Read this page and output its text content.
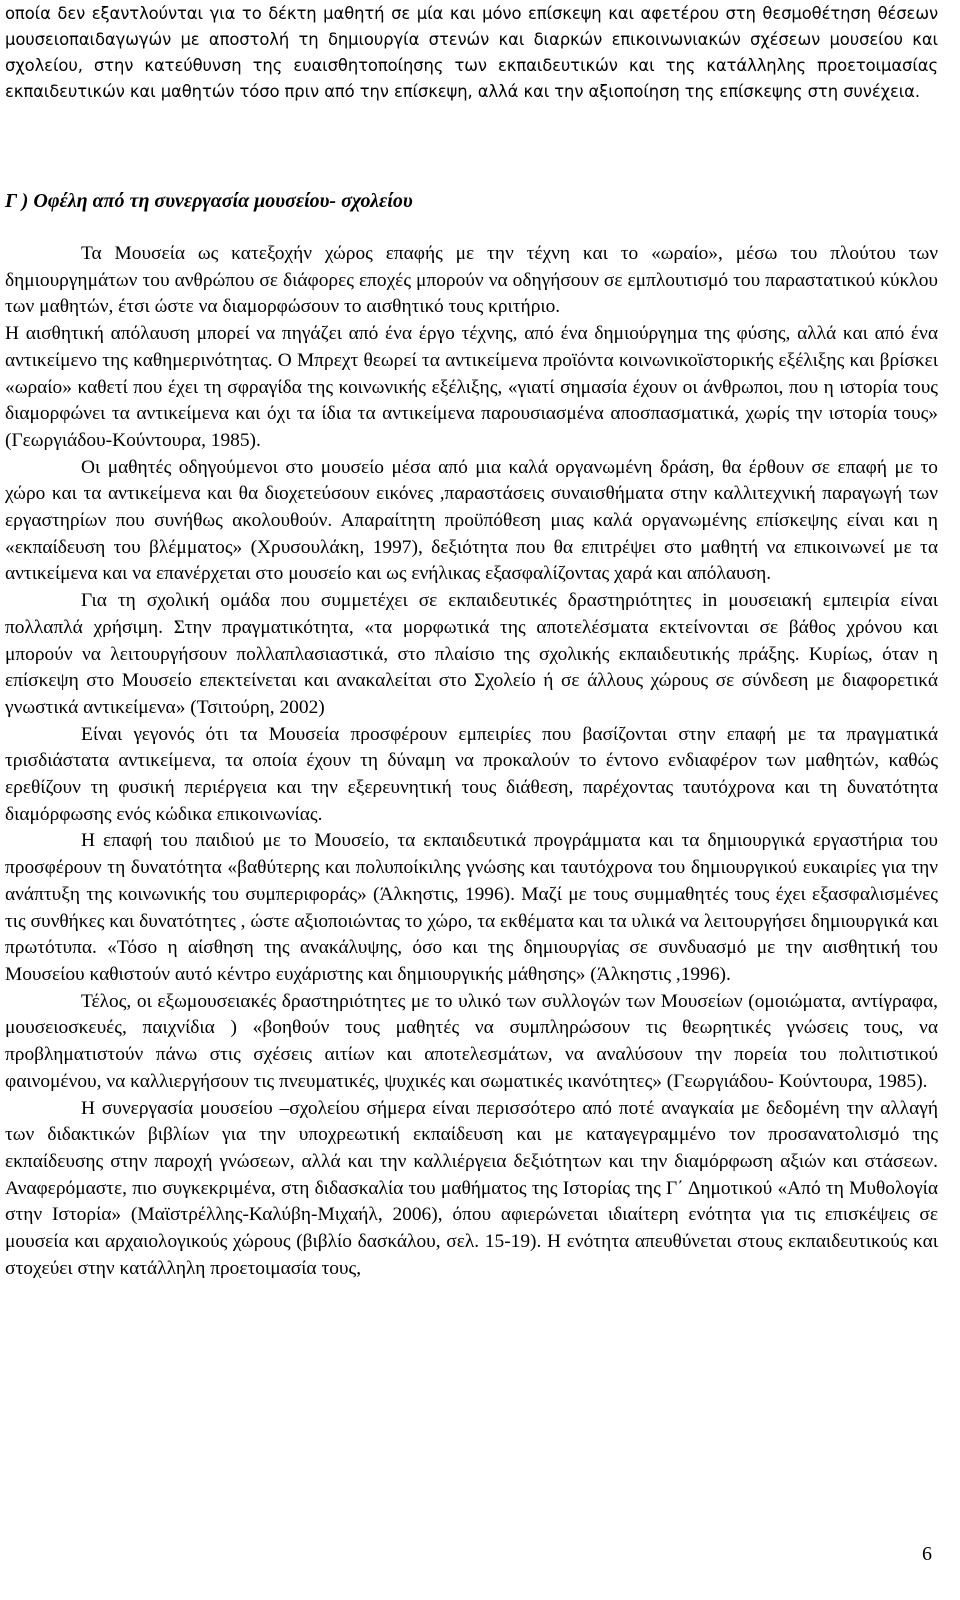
οποία δεν εξαντλούνται για το δέκτη μαθητή σε μία και μόνο επίσκεψη και αφετέρου στη θεσμοθέτηση θέσεων μουσειοπαιδαγωγών με αποστολή τη δημιουργία στενών και διαρκών επικοινωνιακών σχέσεων μουσείου και σχολείου, στην κατεύθυνση της ευαισθητοποίησης των εκπαιδευτικών και της κατάλληλης προετοιμασίας εκπαιδευτικών και μαθητών τόσο πριν από την επίσκεψη, αλλά και την αξιοποίηση της επίσκεψης στη συνέχεια.

Γ ) Οφέλη από τη συνεργασία μουσείου- σχολείου

Τα Μουσεία ως κατεξοχήν χώρος επαφής με την τέχνη και το «ωραίο», μέσω του πλούτου των δημιουργημάτων του ανθρώπου σε διάφορες εποχές μπορούν να οδηγήσουν σε εμπλουτισμό του παραστατικού κύκλου των μαθητών, έτσι ώστε να διαμορφώσουν το αισθητικό τους κριτήριο.

Η αισθητική απόλαυση μπορεί να πηγάζει από ένα έργο τέχνης, από ένα δημιούργημα της φύσης, αλλά και από ένα αντικείμενο της καθημερινότητας. Ο Μπρεχτ θεωρεί τα αντικείμενα προϊόντα κοινωνικοϊστορικής εξέλιξης και βρίσκει «ωραίο» καθετί που έχει τη σφραγίδα της κοινωνικής εξέλιξης, «γιατί σημασία έχουν οι άνθρωποι, που η ιστορία τους διαμορφώνει τα αντικείμενα και όχι τα ίδια τα αντικείμενα παρουσιασμένα αποσπασματικά, χωρίς την ιστορία τους» (Γεωργιάδου-Κούντουρα, 1985).

Οι μαθητές οδηγούμενοι στο μουσείο μέσα από μια καλά οργανωμένη δράση, θα έρθουν σε επαφή με το χώρο και τα αντικείμενα και θα διοχετεύσουν εικόνες ,παραστάσεις συναισθήματα στην καλλιτεχνική παραγωγή των εργαστηρίων που συνήθως ακολουθούν. Απαραίτητη προϋπόθεση μιας καλά οργανωμένης επίσκεψης είναι και η «εκπαίδευση του βλέμματος» (Χρυσουλάκη, 1997), δεξιότητα που θα επιτρέψει στο μαθητή να επικοινωνεί με τα αντικείμενα και να επανέρχεται στο μουσείο και ως ενήλικας εξασφαλίζοντας χαρά και απόλαυση.

Για τη σχολική ομάδα που συμμετέχει σε εκπαιδευτικές δραστηριότητες in μουσειακή εμπειρία είναι πολλαπλά χρήσιμη. Στην πραγματικότητα, «τα μορφωτικά της αποτελέσματα εκτείνονται σε βάθος χρόνου και μπορούν να λειτουργήσουν πολλαπλασιαστικά, στο πλαίσιο της σχολικής εκπαιδευτικής πράξης. Κυρίως, όταν η επίσκεψη στο Μουσείο επεκτείνεται και ανακαλείται στο Σχολείο ή σε άλλους χώρους σε σύνδεση με διαφορετικά γνωστικά αντικείμενα» (Τσιτούρη, 2002)

Είναι γεγονός ότι τα Μουσεία προσφέρουν εμπειρίες που βασίζονται στην επαφή με τα πραγματικά τρισδιάστατα αντικείμενα, τα οποία έχουν τη δύναμη να προκαλούν το έντονο ενδιαφέρον των μαθητών, καθώς ερεθίζουν τη φυσική περιέργεια και την εξερευνητική τους διάθεση, παρέχοντας ταυτόχρονα και τη δυνατότητα διαμόρφωσης ενός κώδικα επικοινωνίας.

Η επαφή του παιδιού με το Μουσείο, τα εκπαιδευτικά προγράμματα και τα δημιουργικά εργαστήρια του προσφέρουν τη δυνατότητα «βαθύτερης και πολυποίκιλης γνώσης και ταυτόχρονα του δημιουργικού ευκαιρίες για την ανάπτυξη της κοινωνικής του συμπεριφοράς» (Άλκηστις, 1996). Μαζί με τους συμμαθητές τους έχει εξασφαλισμένες τις συνθήκες και δυνατότητες , ώστε αξιοποιώντας το χώρο, τα εκθέματα και τα υλικά να λειτουργήσει δημιουργικά και πρωτότυπα. «Τόσο η αίσθηση της ανακάλυψης, όσο και της δημιουργίας σε συνδυασμό με την αισθητική του Μουσείου καθιστούν αυτό κέντρο ευχάριστης και δημιουργικής μάθησης» (Άλκηστις ,1996).

Τέλος, οι εξωμουσειακές δραστηριότητες με το υλικό των συλλογών των Μουσείων (ομοιώματα, αντίγραφα, μουσειοσκευές, παιχνίδια ) «βοηθούν τους μαθητές να συμπληρώσουν τις θεωρητικές γνώσεις τους, να προβληματιστούν πάνω στις σχέσεις αιτίων και αποτελεσμάτων, να αναλύσουν την πορεία του πολιτιστικού φαινομένου, να καλλιεργήσουν τις πνευματικές, ψυχικές και σωματικές ικανότητες» (Γεωργιάδου- Κούντουρα, 1985).

Η συνεργασία μουσείου –σχολείου σήμερα είναι περισσότερο από ποτέ αναγκαία με δεδομένη την αλλαγή των διδακτικών βιβλίων για την υποχρεωτική εκπαίδευση και με καταγεγραμμένο τον προσανατολισμό της εκπαίδευσης στην παροχή γνώσεων, αλλά και την καλλιέργεια δεξιότητων και την διαμόρφωση αξιών και στάσεων. Αναφερόμαστε, πιο συγκεκριμένα, στη διδασκαλία του μαθήματος της Ιστορίας της Γ΄ Δημοτικού «Από τη Μυθολογία στην Ιστορία» (Μαϊστρέλλης-Καλύβη-Μιχαήλ, 2006), όπου αφιερώνεται ιδιαίτερη ενότητα για τις επισκέψεις σε μουσεία και αρχαιολογικούς χώρους (βιβλίο δασκάλου, σελ. 15-19). Η ενότητα απευθύνεται στους εκπαιδευτικούς και στοχεύει στην κατάλληλη προετοιμασία τους,

6
